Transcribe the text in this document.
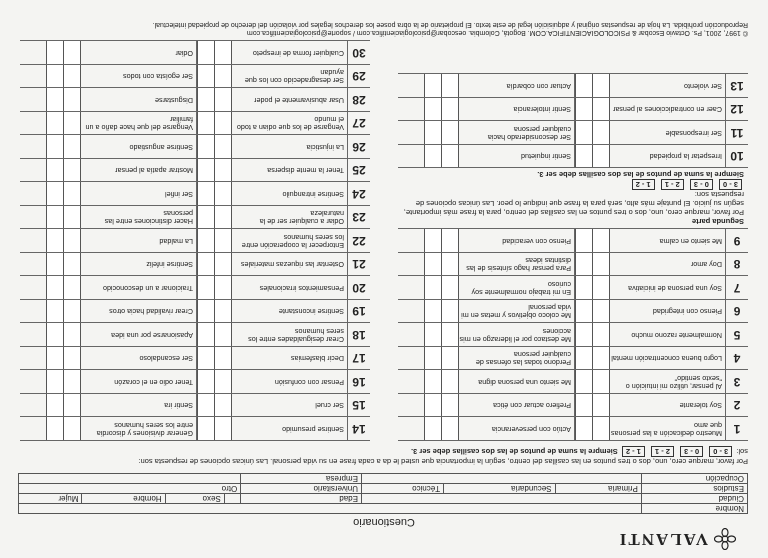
VALANTI
Cuestionario
Nombre								
Ciudad				Edad		Sexo	Hombre	Mujer
Estudios	Primaria	Secundaria	Técnico	Universitario	Otro			
Ocupación				Empresa				
Por favor, marque cero, uno, dos o tres puntos en las casillas del centro, según la importancia que usted le da a cada frase en su vida personal. Las únicas opciones de respuesta son:
sol: 3 - 0 0 - 3 2 - 1 1 - 2 Siempre la suma de puntos de las dos casillas debe ser 3.
1
Muestro dedicación a las personas que amo
Actúo con perseverancia
2
Soy tolerante
Prefiero actuar con ética
3
Al pensar, utilizo mi intuición o "sexto sentido"
Me siento una persona digna
4
Logro buena concentración mental
Perdono todas las ofensas de cualquier persona
5
Normalmente razono mucho
Me destaco por el liderazgo en mis acciones
6
Pienso con integridad
Me coloco objetivos y metas en mi vida personal
7
Soy una persona de iniciativa
En mi trabajo normalmente soy curioso
8
Doy amor
Para pensar hago síntesis de las distintas ideas
9
Me siento en calma
Pienso con veracidad
Segunda parte
Por favor, marque cero, uno, dos o tres puntos en las casillas del centro, para la frase más importante, según su juicio. El puntaje más alto, será para la frase que indique lo peor. Las únicas opciones de respuesta son:
3 - 0 0 - 3 2 - 1 1 - 2
Siempre la suma de puntos de las dos casillas debe ser 3.
10
Irrespetar la propiedad
Sentir inquietud
11
Ser irresponsable
Ser desconsiderado hacia cualquier persona
12
Caer en contradicciones al pensar
Sentir intolerancia
13
Ser violento
Actuar con cobardía
14
Sentirse presumido
Generar divisiones y discordia entre los seres humanos
15
Ser cruel
Sentir ira
16
Pensar con confusión
Tener odio en el corazón
17
Decir blasfemias
Ser escandaloso
18
Crear desigualdades entre los seres humanos
Apasionarse por una idea
19
Sentirse inconstante
Crear rivalidad hacia otros
20
Pensamientos irracionales
Traicionar a un desconocido
21
Ostentar las riquezas materiales
Sentirse infeliz
22
Entorpecer la cooperación entre los seres humanos
La maldad
23
Odiar a cualquier ser de la naturaleza
Hacer distinciones entre las personas
24
Sentirse intranquilo
Ser infiel
25
Tener la mente dispersa
Mostrar apatía al pensar
26
La injusticia
Sentirse angustiado
27
Vengarse de los que odian a todo el mundo
Vengarse del que hace daño a un familiar
28
Usar abusivamente el poder
Disgustarse
29
Ser desagradecido con los que ayudan
Ser egoísta con todos
30
Cualquier forma de irrespeto
Odiar
© 1997, 2001, Ps. Octavio Escobar & PSICOLOGIACIENTIFICA.COM. Bogotá, Colombia. oescobar@psicologiacientifica.com / soporte@psicologiacientifica.com
Reproducción prohibida. La hoja de respuestas original y adquisición legal de este texto. El propietario de la obra posee los derechos legales por violación del derecho de propiedad intelectual.
